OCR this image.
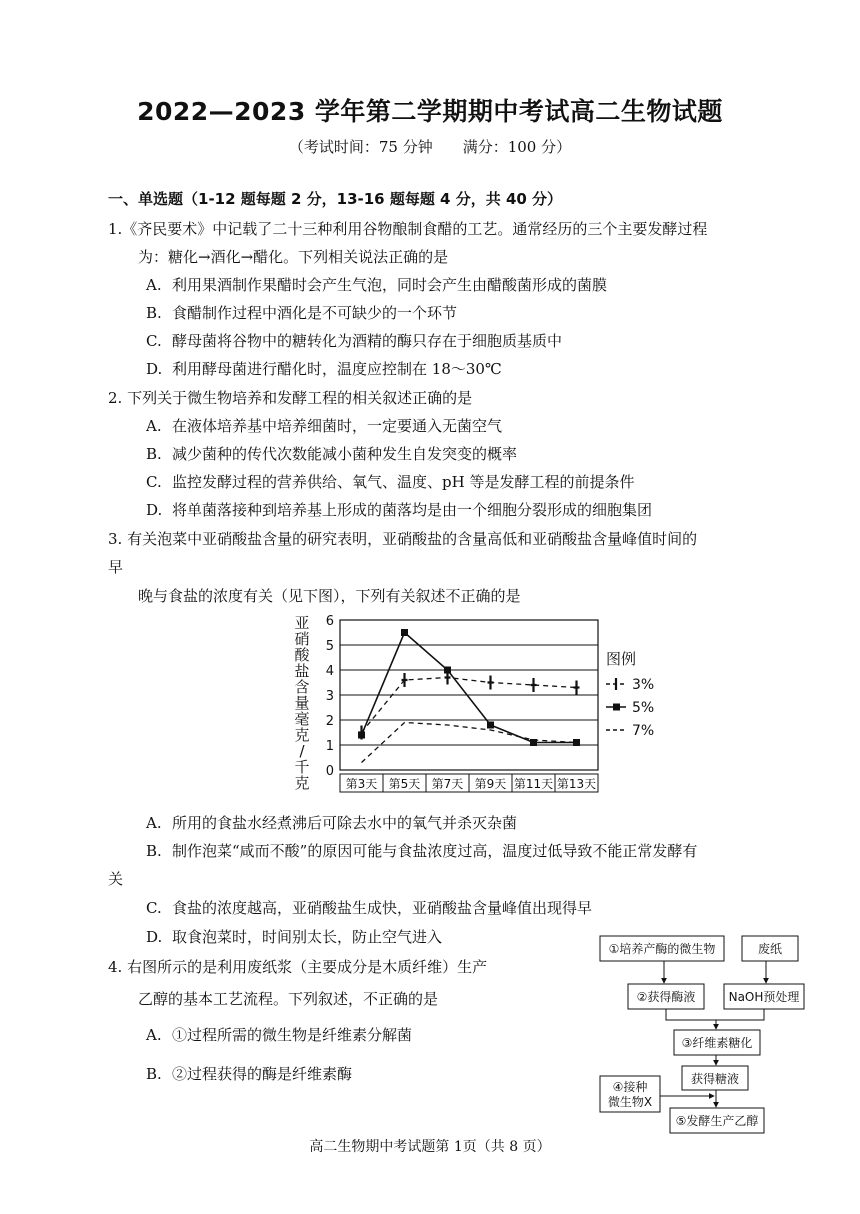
2022—2023 学年第二学期期中考试高二生物试题
（考试时间：75 分钟　　满分：100 分）
一、单选题（1-12 题每题 2 分，13-16 题每题 4 分，共 40 分）
1.《齐民要术》中记载了二十三种利用谷物酿制食醋的工艺。通常经历的三个主要发酵过程
为：糖化→酒化→醋化。下列相关说法正确的是
A. 利用果酒制作果醋时会产生气泡，同时会产生由醋酸菌形成的菌膜
B. 食醋制作过程中酒化是不可缺少的一个环节
C. 酵母菌将谷物中的糖转化为酒精的酶只存在于细胞质基质中
D. 利用酵母菌进行醋化时，温度应控制在 18～30℃
2. 下列关于微生物培养和发酵工程的相关叙述正确的是
A. 在液体培养基中培养细菌时，一定要通入无菌空气
B. 减少菌种的传代次数能减小菌种发生自发突变的概率
C. 监控发酵过程的营养供给、氧气、温度、pH 等是发酵工程的前提条件
D. 将单菌落接种到培养基上形成的菌落均是由一个细胞分裂形成的细胞集团
3. 有关泡菜中亚硝酸盐含量的研究表明，亚硝酸盐的含量高低和亚硝酸盐含量峰值时间的
早
晚与食盐的浓度有关（见下图），下列有关叙述不正确的是
0
1
2
3
4
5
6
第3天 第5天 第7天 第9天 第11天 第13天
亚
硝
酸
盐
含
量
毫
克
/
千
克
图例
3%
5%
7%
A. 所用的食盐水经煮沸后可除去水中的氧气并杀灭杂菌
B. 制作泡菜“咸而不酸”的原因可能与食盐浓度过高，温度过低导致不能正常发酵有
关
C. 食盐的浓度越高，亚硝酸盐生成快，亚硝酸盐含量峰值出现得早
D. 取食泡菜时，时间别太长，防止空气进入
4. 右图所示的是利用废纸浆（主要成分是木质纤维）生产
乙醇的基本工艺流程。下列叙述，不正确的是
A. ①过程所需的微生物是纤维素分解菌
B. ②过程获得的酶是纤维素酶
①培养产酶的微生物	废纸
②获得酶液	NaOH预处理
③纤维素糖化
获得糖液
④接种
微生物X
⑤发酵生产乙醇
高二生物期中考试题第 1页（共 8 页）
